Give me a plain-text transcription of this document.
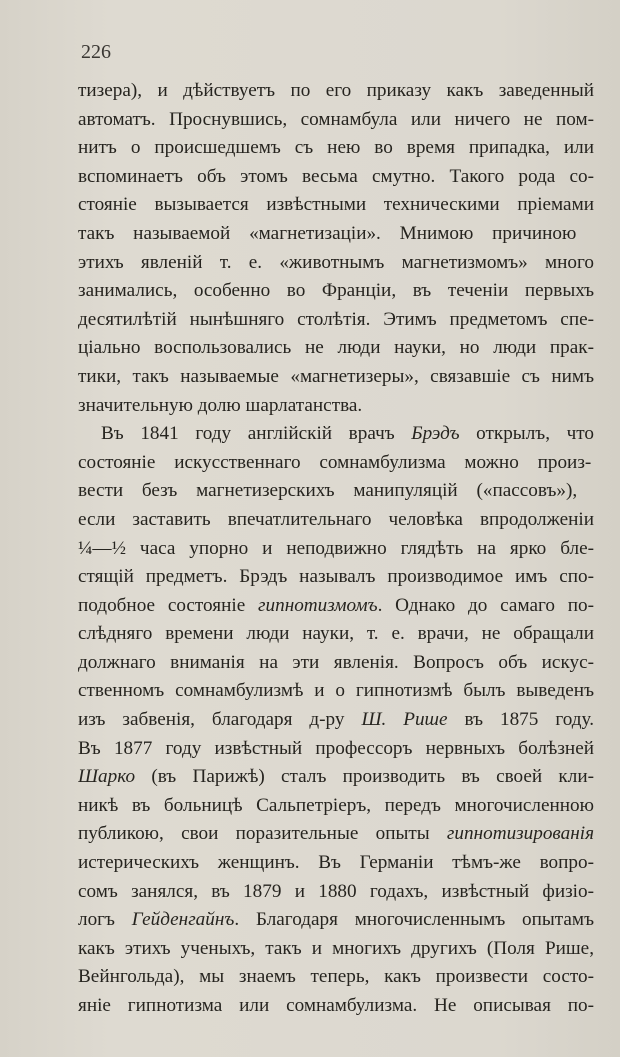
226
тизера), и дѣйствуетъ по его приказу какъ заведенный
автоматъ. Проснувшись, сомнамбула или ничего не пом-
нитъ о происшедшемъ съ нею во время припадка, или
вспоминаетъ объ этомъ весьма смутно. Такого рода со-
стояніе вызывается извѣстными техническими пріемами
такъ называемой «магнетизаціи». Мнимою причиною
этихъ явленій т. е. «животнымъ магнетизмомъ» много
занимались, особенно во Франціи, въ теченіи первыхъ
десятилѣтій нынѣшняго столѣтія. Этимъ предметомъ спе-
ціально воспользовались не люди науки, но люди прак-
тики, такъ называемые «магнетизеры», связавшіе съ нимъ
значительную долю шарлатанства.
Въ 1841 году англійскій врачъ Брэдъ открылъ, что
состояніе искусственнаго сомнамбулизма можно произ-
вести безъ магнетизерскихъ манипуляцій («пассовъ»),
если заставить впечатлительнаго человѣка впродолженіи
¼—½ часа упорно и неподвижно глядѣть на ярко бле-
стящій предметъ. Брэдъ называлъ производимое имъ спо-
подобное состояніе гипнотизмомъ. Однако до самаго по-
слѣдняго времени люди науки, т. е. врачи, не обращали
должнаго вниманія на эти явленія. Вопросъ объ искус-
ственномъ сомнамбулизмѣ и о гипнотизмѣ былъ выведенъ
изъ забвенія, благодаря д-ру Ш. Рише въ 1875 году.
Въ 1877 году извѣстный профессоръ нервныхъ болѣзней
Шарко (въ Парижѣ) сталъ производить въ своей кли-
никѣ въ больницѣ Сальпетріеръ, передъ многочисленною
публикою, свои поразительные опыты гипнотизированія
истерическихъ женщинъ. Въ Германіи тѣмъ-же вопро-
сомъ занялся, въ 1879 и 1880 годахъ, извѣстный физіо-
логъ Гейденгайнъ. Благодаря многочисленнымъ опытамъ
какъ этихъ ученыхъ, такъ и многихъ другихъ (Поля Рише,
Вейнгольда), мы знаемъ теперь, какъ произвести состо-
яніе гипнотизма или сомнамбулизма. Не описывая по-
